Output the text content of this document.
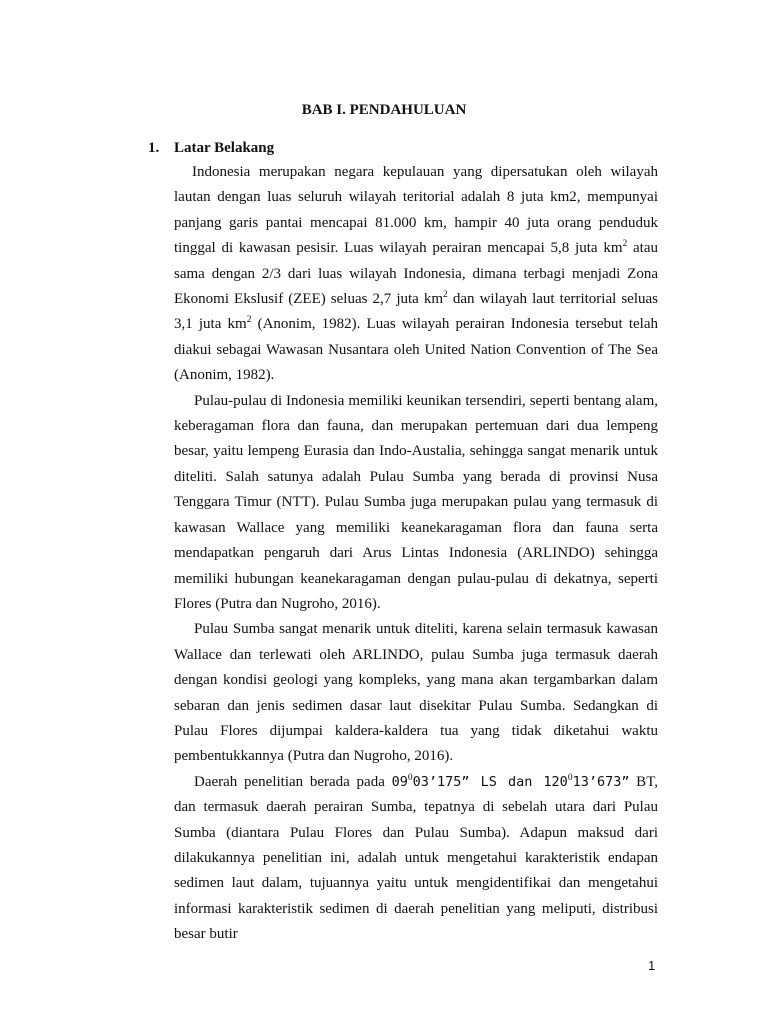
BAB I. PENDAHULUAN
1. Latar Belakang

Indonesia merupakan negara kepulauan yang dipersatukan oleh wilayah lautan dengan luas seluruh wilayah teritorial adalah 8 juta km2, mempunyai panjang garis pantai mencapai 81.000 km, hampir 40 juta orang penduduk tinggal di kawasan pesisir. Luas wilayah perairan mencapai 5,8 juta $km^2$ atau sama dengan 2/3 dari luas wilayah Indonesia, dimana terbagi menjadi Zona Ekonomi Ekslusif (ZEE) seluas 2,7 juta $km^2$ dan wilayah laut territorial seluas 3,1 juta $km^2$ (Anonim, 1982). Luas wilayah perairan Indonesia tersebut telah diakui sebagai Wawasan Nusantara oleh United Nation Convention of The Sea (Anonim, 1982).

Pulau-pulau di Indonesia memiliki keunikan tersendiri, seperti bentang alam, keberagaman flora dan fauna, dan merupakan pertemuan dari dua lempeng besar, yaitu lempeng Eurasia dan Indo-Austalia, sehingga sangat menarik untuk diteliti. Salah satunya adalah Pulau Sumba yang berada di provinsi Nusa Tenggara Timur (NTT). Pulau Sumba juga merupakan pulau yang termasuk di kawasan Wallace yang memiliki keanekaragaman flora dan fauna serta mendapatkan pengaruh dari Arus Lintas Indonesia (ARLINDO) sehingga memiliki hubungan keanekaragaman dengan pulau-pulau di dekatnya, seperti Flores (Putra dan Nugroho, 2016).

Pulau Sumba sangat menarik untuk diteliti, karena selain termasuk kawasan Wallace dan terlewati oleh ARLINDO, pulau Sumba juga termasuk daerah dengan kondisi geologi yang kompleks, yang mana akan tergambarkan dalam sebaran dan jenis sedimen dasar laut disekitar Pulau Sumba. Sedangkan di Pulau Flores dijumpai kaldera-kaldera tua yang tidak diketahui waktu pembentukkannya (Putra dan Nugroho, 2016).

Daerah penelitian berada pada $09^003’175$” LS dan $120^013’673$” BT, dan termasuk daerah perairan Sumba, tepatnya di sebelah utara dari Pulau Sumba (diantara Pulau Flores dan Pulau Sumba). Adapun maksud dari dilakukannya penelitian ini, adalah untuk mengetahui karakteristik endapan sedimen laut dalam, tujuannya yaitu untuk mengidentifikai dan mengetahui informasi karakteristik sedimen di daerah penelitian yang meliputi, distribusi besar butir

1
